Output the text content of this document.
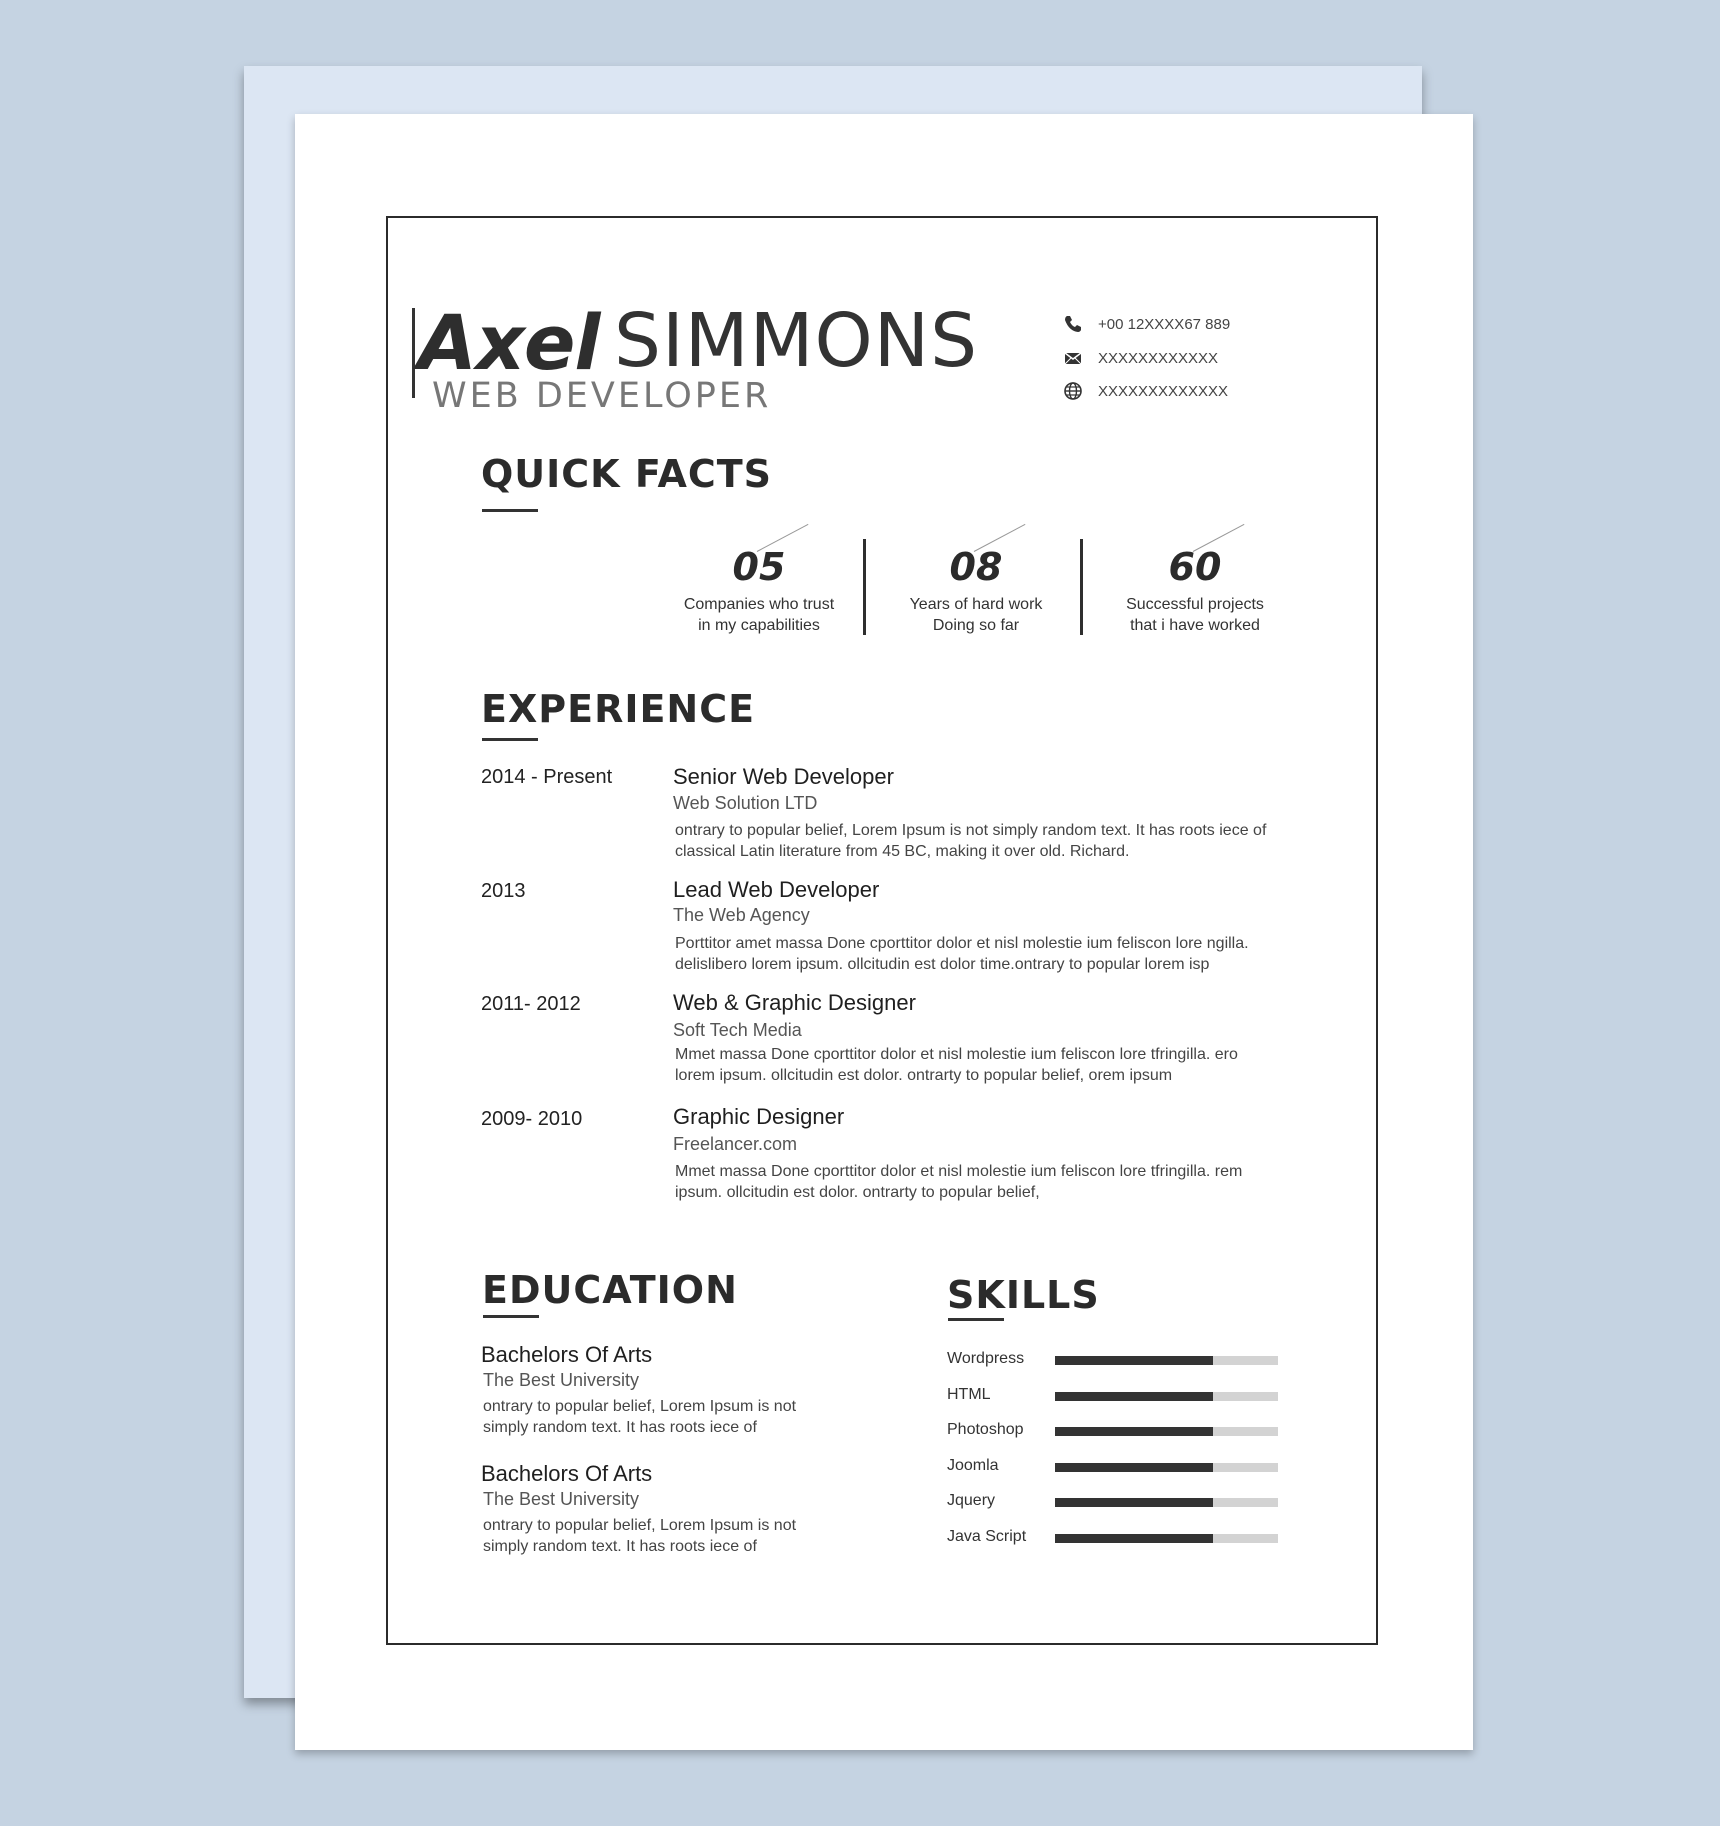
Axel SIMMONS
WEB DEVELOPER
+00 12XXXX67 889
XXXXXXXXXXXX
XXXXXXXXXXXXX
QUICK FACTS
05
Companies who trust
in my capabilities
08
Years of hard work
Doing so far
60
Successful projects
that i have worked
EXPERIENCE
2014 - Present	Senior Web Developer
Web Solution LTD
ontrary to popular belief, Lorem Ipsum is not simply random text. It has roots iece of
classical Latin literature from 45 BC, making it over old. Richard.
2013	Lead Web Developer
The Web Agency
Porttitor amet massa Done cporttitor dolor et nisl molestie ium feliscon lore ngilla.
delislibero lorem ipsum. ollcitudin est dolor time.ontrary to popular lorem isp
2011- 2012	Web & Graphic Designer
Soft Tech Media
Mmet massa Done cporttitor dolor et nisl molestie ium feliscon lore tfringilla. ero
lorem ipsum. ollcitudin est dolor. ontrarty to popular belief, orem ipsum
2009- 2010	Graphic Designer
Freelancer.com
Mmet massa Done cporttitor dolor et nisl molestie ium feliscon lore tfringilla. rem
ipsum. ollcitudin est dolor. ontrarty to popular belief,
EDUCATION
Bachelors Of Arts
The Best University
ontrary to popular belief, Lorem Ipsum is not
simply random text. It has roots iece of
Bachelors Of Arts
The Best University
ontrary to popular belief, Lorem Ipsum is not
simply random text. It has roots iece of
SKILLS
Wordpress
HTML
Photoshop
Joomla
Jquery
Java Script
